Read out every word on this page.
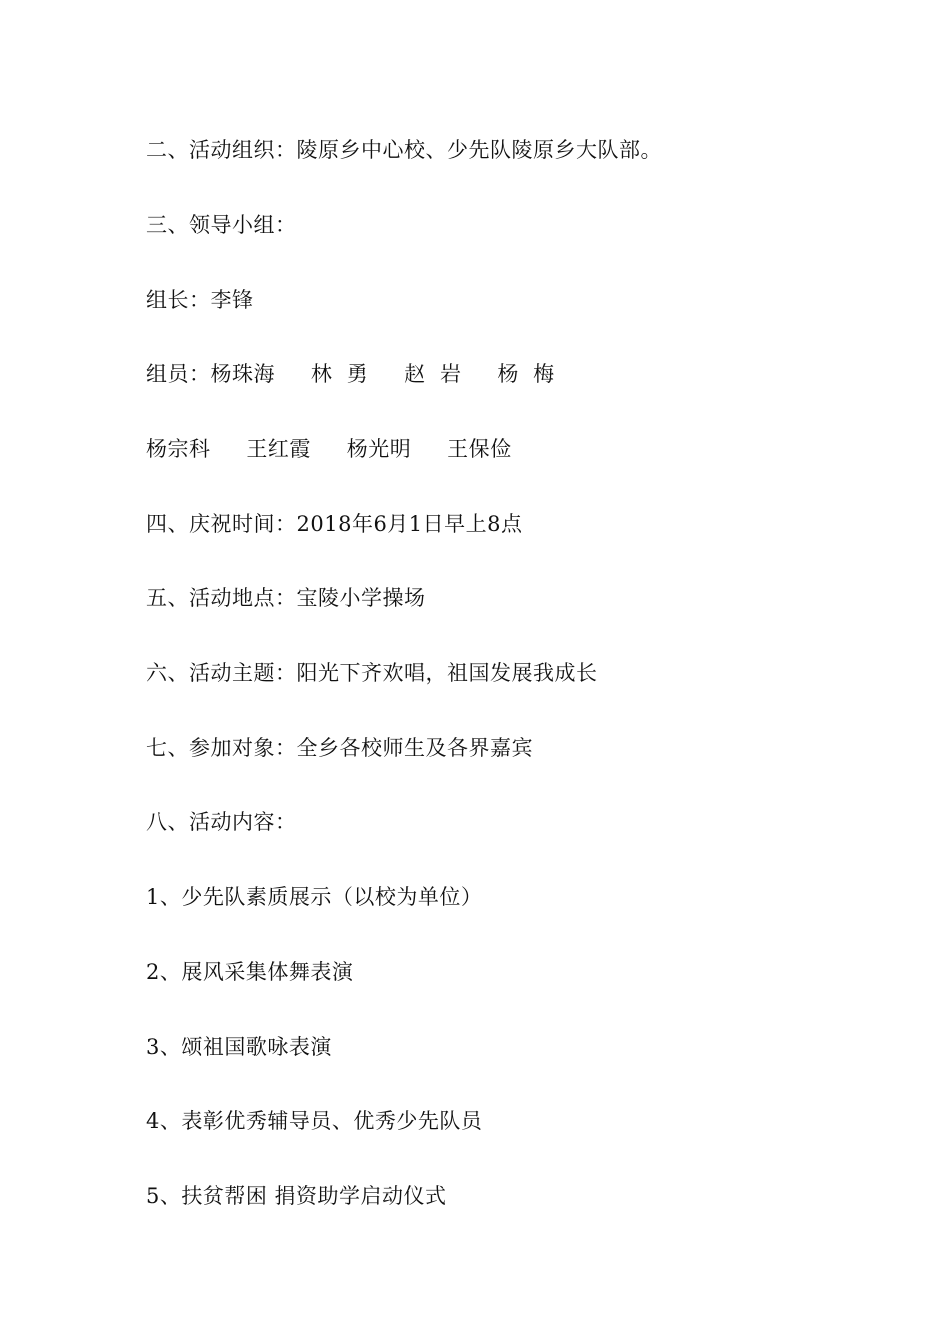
二、活动组织：陵原乡中心校、少先队陵原乡大队部。
三、领导小组：
组长：李锋
组员：杨珠海     林  勇     赵  岩     杨  梅
杨宗科     王红霞     杨光明     王保俭
四、庆祝时间：2018年6月1日早上8点
五、活动地点：宝陵小学操场
六、活动主题：阳光下齐欢唱，祖国发展我成长
七、参加对象：全乡各校师生及各界嘉宾
八、活动内容：
1、少先队素质展示（以校为单位）
2、展风采集体舞表演
3、颂祖国歌咏表演
4、表彰优秀辅导员、优秀少先队员
5、扶贫帮困 捐资助学启动仪式
